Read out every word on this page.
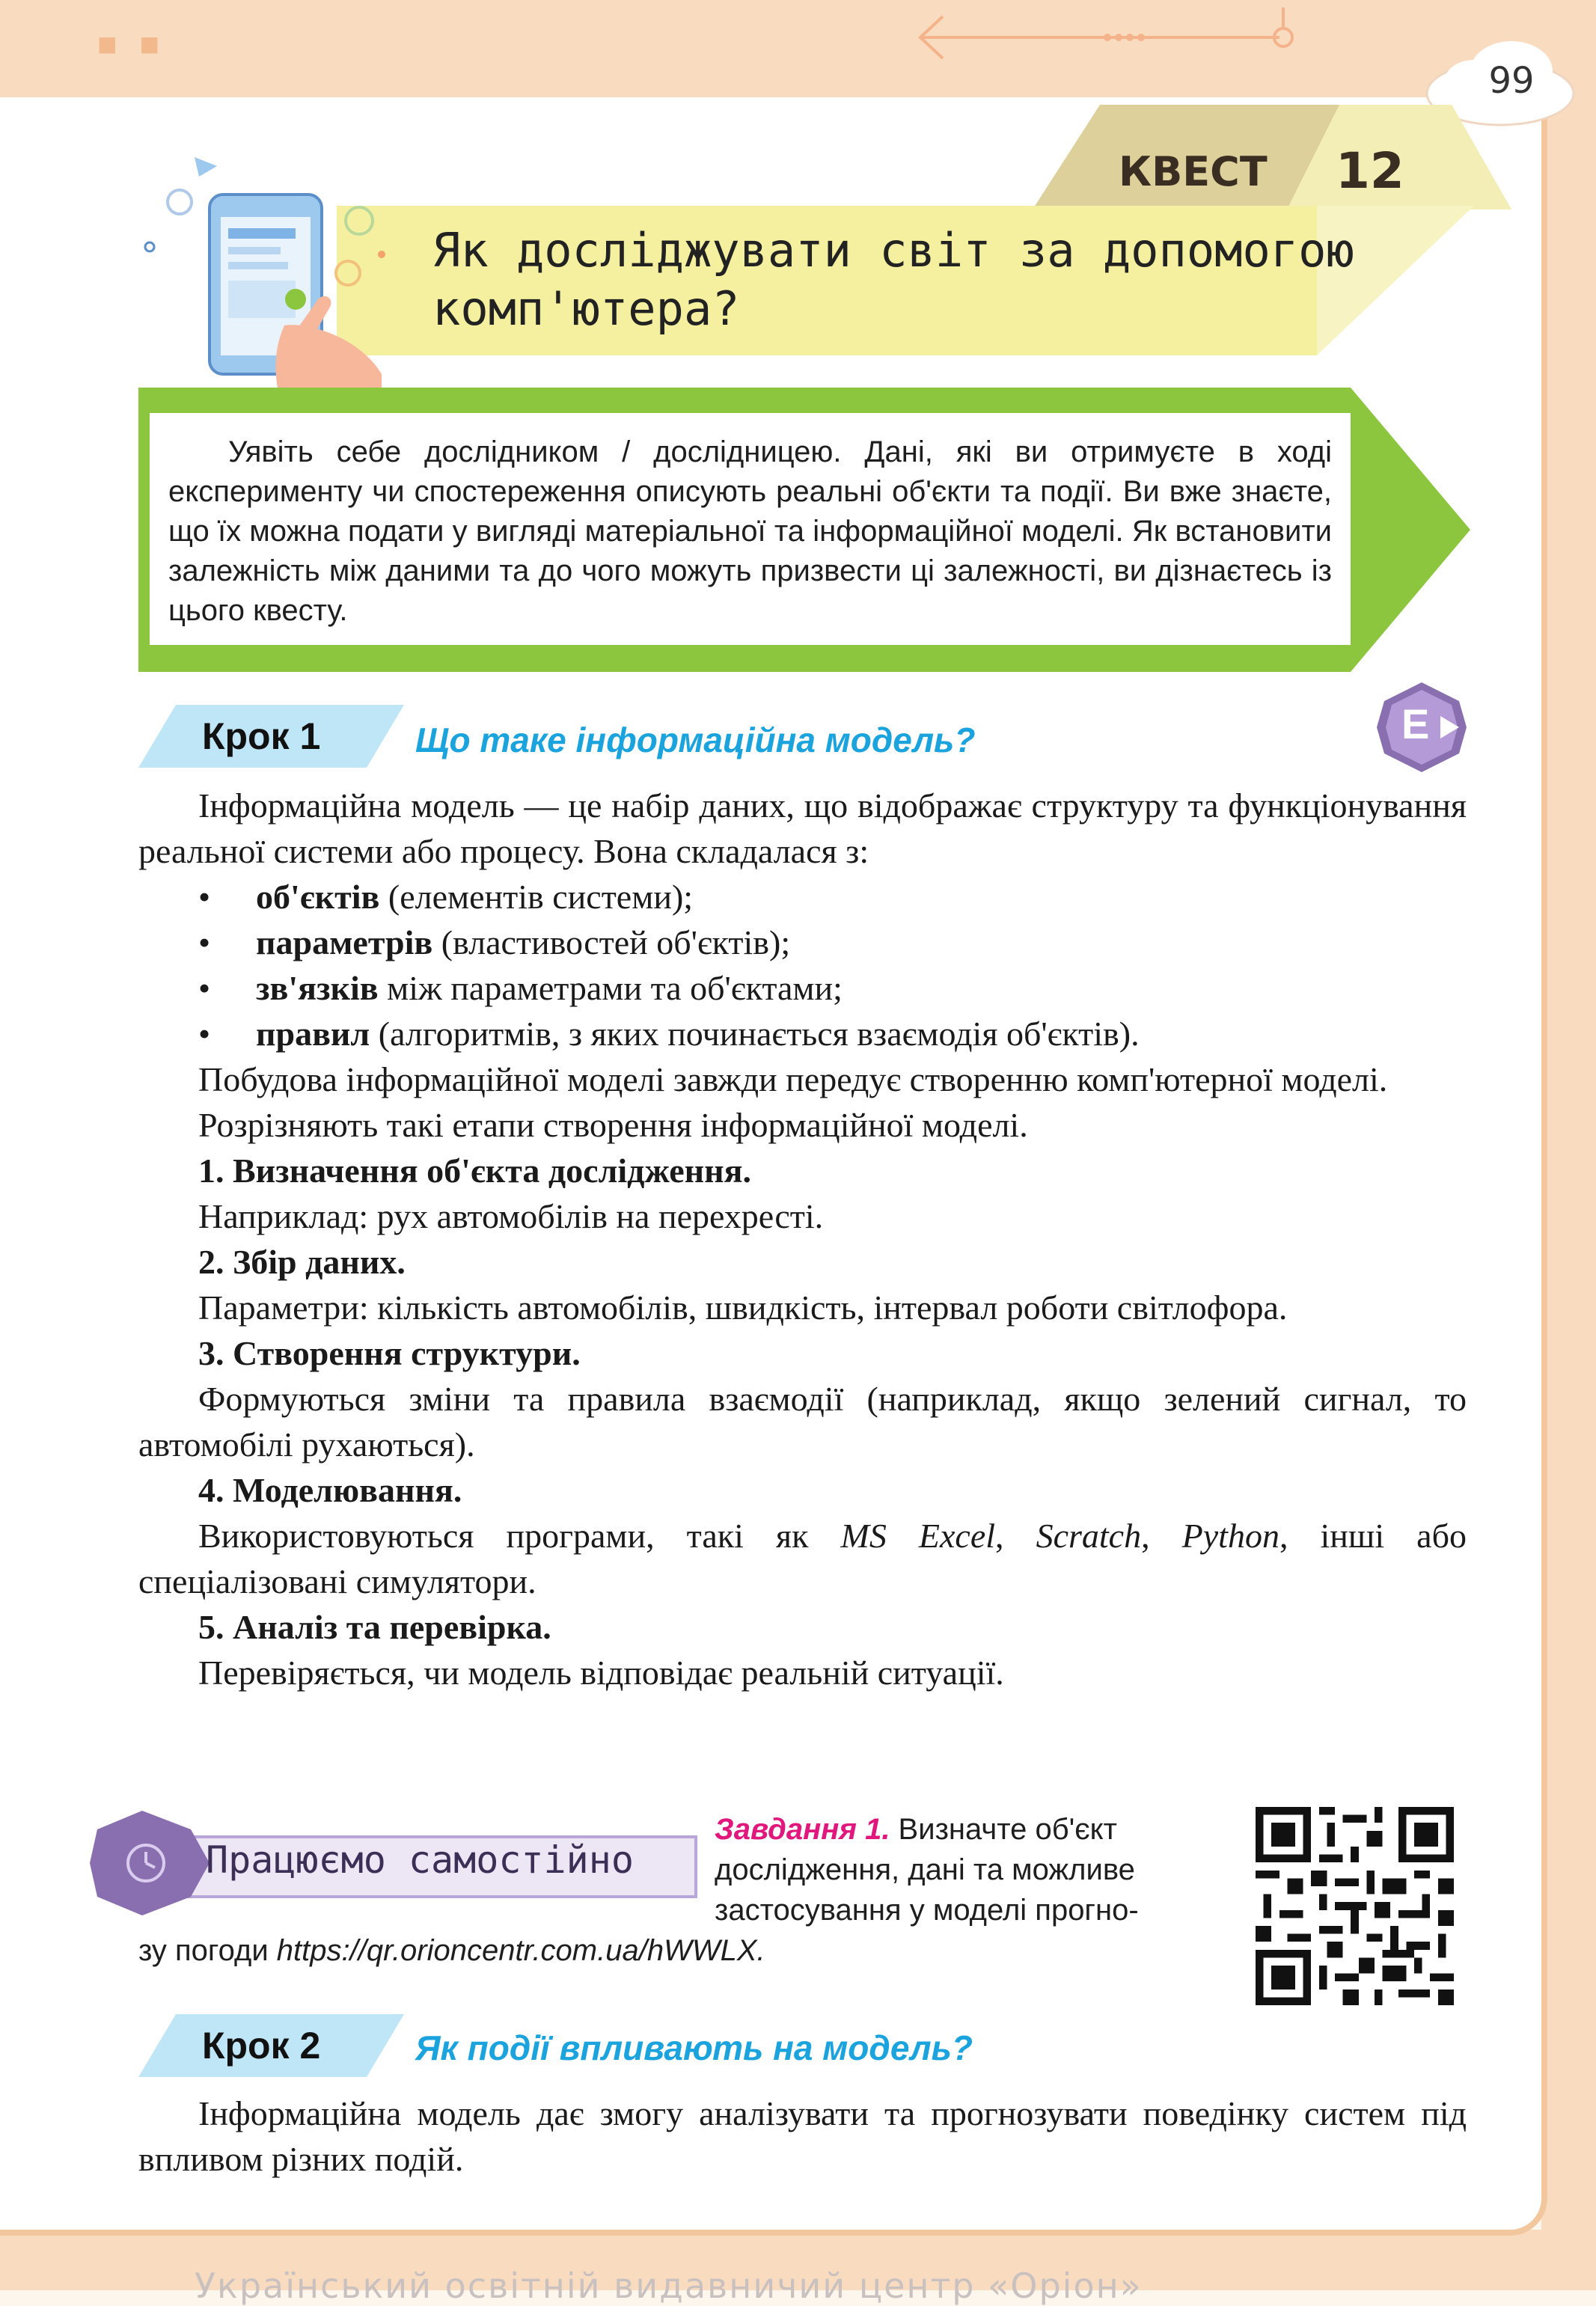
■■
Український освітній видавничий центр «Оріон»
99
КВЕСТ 12
Як досліджувати світ за допомогою комп'ютера?
Уявіть себе дослідником / дослідницею. Дані, які ви отримуєте в ході експерименту чи спостереження описують реальні об'єкти та події. Ви вже знаєте, що їх можна подати у вигляді матеріальної та інформаційної моделі. Як встановити залежність між даними та до чого можуть призвести ці залежності, ви дізнаєтесь із цього квесту.
Крок 1	Що таке інформаційна модель?	E

Інформаційна модель — це набір даних, що відображає структуру та функціонування реальної системи або процесу. Вона складалася з:

•	об'єктів (елементів системи);

•	параметрів (властивостей об'єктів);

•	зв'язків між параметрами та об'єктами;

•	правил (алгоритмів, з яких починається взаємодія об'єктів).

Побудова інформаційної моделі завжди передує створенню комп'ютерної моделі.

Розрізняють такі етапи створення інформаційної моделі.

1. Визначення об'єкта дослідження.

Наприклад: рух автомобілів на перехресті.

2. Збір даних.

Параметри: кількість автомобілів, швидкість, інтервал роботи світлофора.

3. Створення структури.

Формуються зміни та правила взаємодії (наприклад, якщо зелений сигнал, то автомобілі рухаються).

4. Моделювання.

Використовуються програми, такі як MS Excel, Scratch, Python, інші або спеціалізовані симулятори.

5. Аналіз та перевірка.

Перевіряється, чи модель відповідає реальній ситуації.

Працюємо самостійно
Завдання 1. Визначте об'єкт дослідження, дані та можливе застосування у моделі прогно-
зу погоди https://qr.orioncentr.com.ua/hWWLX.
Крок 2	Як події впливають на модель?

Інформаційна модель дає змогу аналізувати та прогнозувати поведінку систем під впливом різних подій.
